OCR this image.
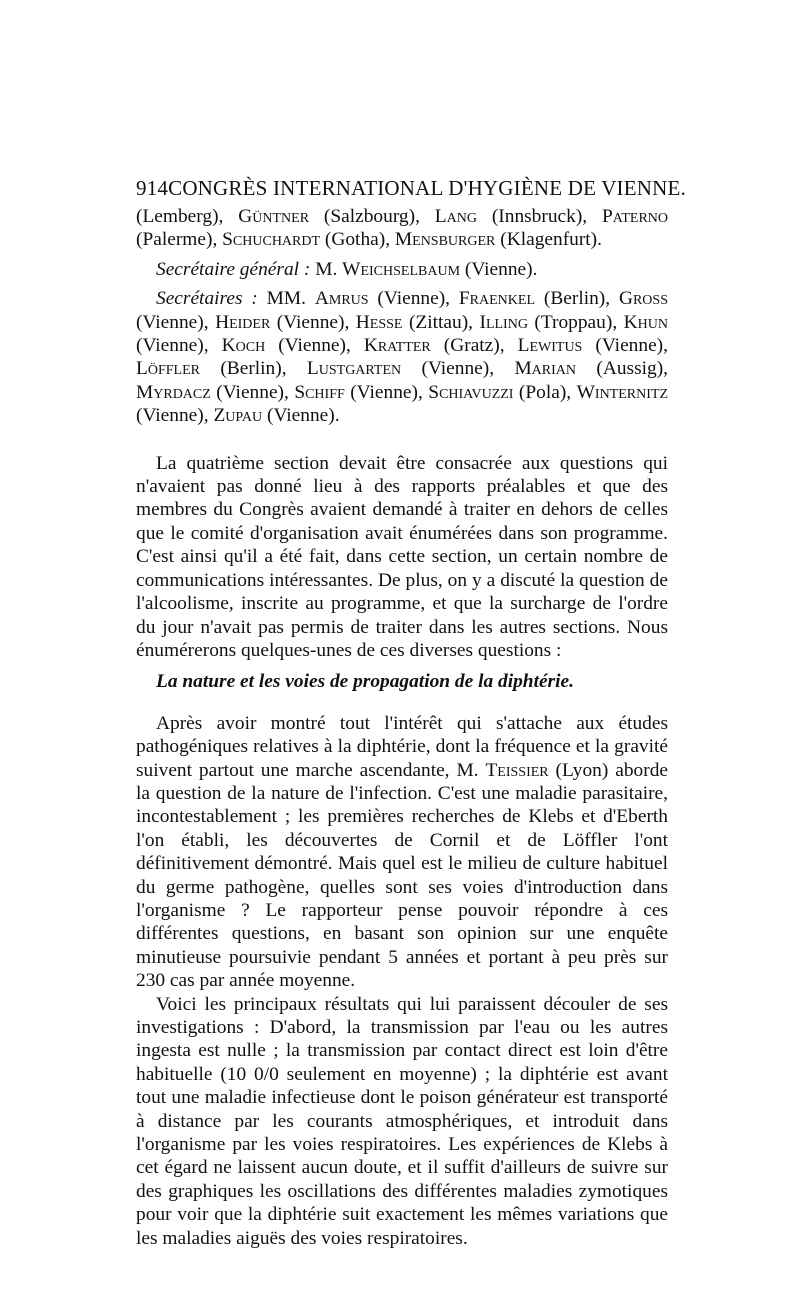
914 CONGRÈS INTERNATIONAL D'HYGIÈNE DE VIENNE.

(Lemberg), Güntner (Salzbourg), Lang (Innsbruck), Paterno (Palerme), Schuchardt (Gotha), Mensburger (Klagenfurt).

Secrétaire général : M. Weichselbaum (Vienne).

Secrétaires : MM. Amrus (Vienne), Fraenkel (Berlin), Gross (Vienne), Heider (Vienne), Hesse (Zittau), Illing (Troppau), Khun (Vienne), Koch (Vienne), Kratter (Gratz), Lewitus (Vienne), Löffler (Berlin), Lustgarten (Vienne), Marian (Aussig), Myrdacz (Vienne), Schiff (Vienne), Schiavuzzi (Pola), Winternitz (Vienne), Zupau (Vienne).

La quatrième section devait être consacrée aux questions qui n'avaient pas donné lieu à des rapports préalables et que des membres du Congrès avaient demandé à traiter en dehors de celles que le comité d'organisation avait énumérées dans son programme. C'est ainsi qu'il a été fait, dans cette section, un certain nombre de communications intéressantes. De plus, on y a discuté la question de l'alcoolisme, inscrite au programme, et que la surcharge de l'ordre du jour n'avait pas permis de traiter dans les autres sections. Nous énumérerons quelques-unes de ces diverses questions :

La nature et les voies de propagation de la diphtérie.

Après avoir montré tout l'intérêt qui s'attache aux études pathogéniques relatives à la diphtérie, dont la fréquence et la gravité suivent partout une marche ascendante, M. Teissier (Lyon) aborde la question de la nature de l'infection. C'est une maladie parasitaire, incontestablement ; les premières recherches de Klebs et d'Eberth l'on établi, les découvertes de Cornil et de Löffler l'ont définitivement démontré. Mais quel est le milieu de culture habituel du germe pathogène, quelles sont ses voies d'introduction dans l'organisme ? Le rapporteur pense pouvoir répondre à ces différentes questions, en basant son opinion sur une enquête minutieuse poursuivie pendant 5 années et portant à peu près sur 230 cas par année moyenne.

Voici les principaux résultats qui lui paraissent découler de ses investigations : D'abord, la transmission par l'eau ou les autres ingesta est nulle ; la transmission par contact direct est loin d'être habituelle (10 0/0 seulement en moyenne) ; la diphtérie est avant tout une maladie infectieuse dont le poison générateur est transporté à distance par les courants atmosphériques, et introduit dans l'organisme par les voies respiratoires. Les expériences de Klebs à cet égard ne laissent aucun doute, et il suffit d'ailleurs de suivre sur des graphiques les oscillations des différentes maladies zymotiques pour voir que la diphtérie suit exactement les mêmes variations que les maladies aiguës des voies respiratoires.
